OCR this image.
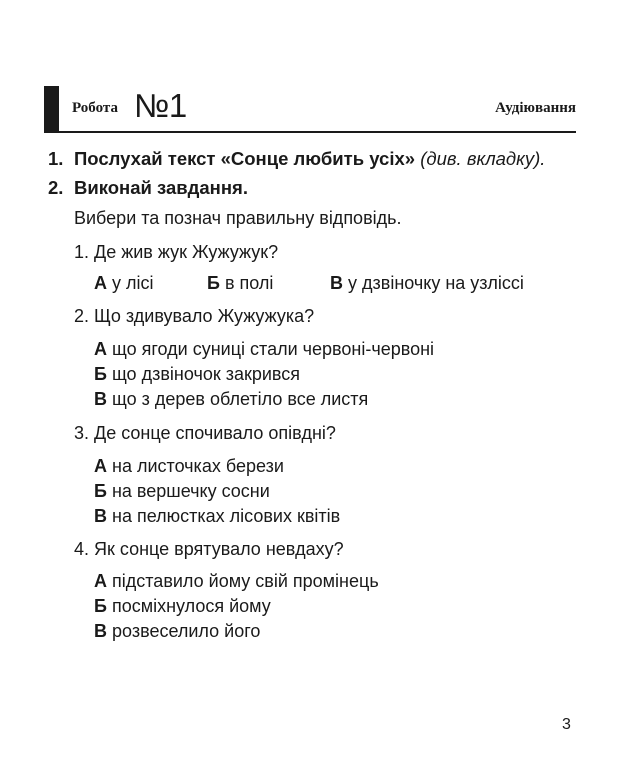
Робота №1	Аудіювання
1. Послухай текст «Сонце любить усіх» (див. вкладку).
2. Виконай завдання.
Вибери та познач правильну відповідь.
1. Де жив жук Жужужук?
А у лісі	Б в полі	В у дзвіночку на узліссі
2. Що здивувало Жужужука?
А що ягоди суниці стали червоні-червоні
Б що дзвіночок закрився
В що з дерев облетіло все листя
3. Де сонце спочивало опівдні?
А на листочках берези
Б на вершечку сосни
В на пелюстках лісових квітів
4. Як сонце врятувало невдаху?
А підставило йому свій промінець
Б посміхнулося йому
В розвеселило його
3
